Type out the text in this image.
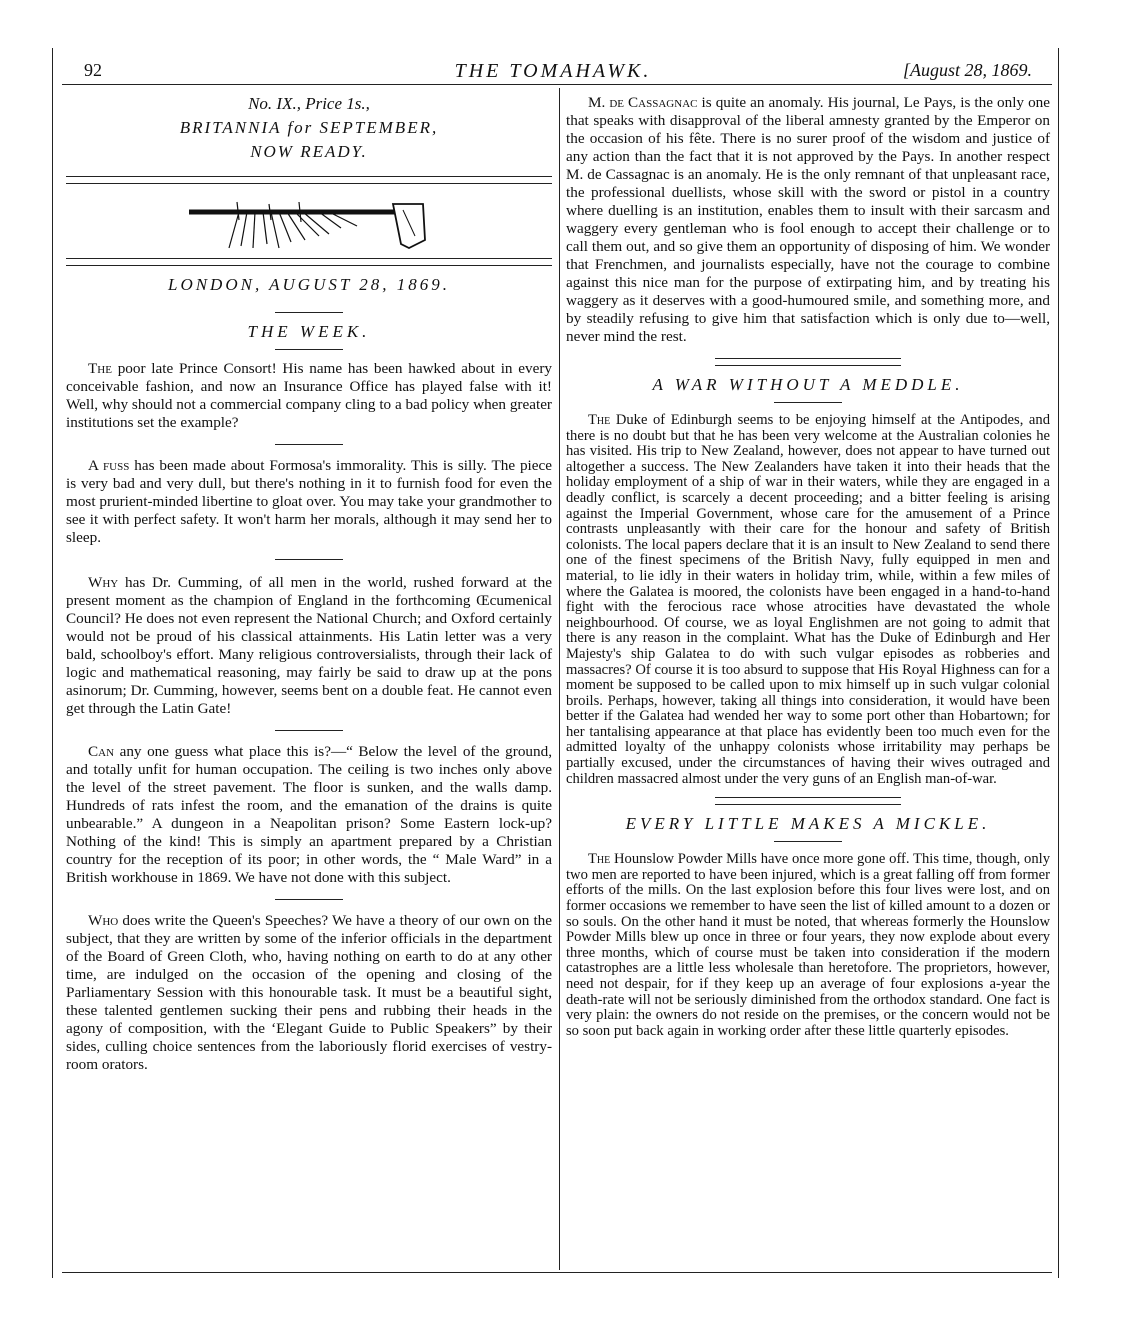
92	THE TOMAHAWK.	[August 28, 1869.
No. IX., Price 1s.,
BRITANNIA for SEPTEMBER,
NOW READY.
LONDON, AUGUST 28, 1869.
THE WEEK.

The poor late Prince Consort! His name has been hawked about in every conceivable fashion, and now an Insurance Office has played false with it! Well, why should not a commercial company cling to a bad policy when greater institutions set the example?

A fuss has been made about Formosa's immorality. This is silly. The piece is very bad and very dull, but there's nothing in it to furnish food for even the most prurient-minded libertine to gloat over. You may take your grandmother to see it with perfect safety. It won't harm her morals, although it may send her to sleep.

Why has Dr. Cumming, of all men in the world, rushed forward at the present moment as the champion of England in the forthcoming Œcumenical Council? He does not even represent the National Church; and Oxford certainly would not be proud of his classical attainments. His Latin letter was a very bald, schoolboy's effort. Many religious controversialists, through their lack of logic and mathematical reasoning, may fairly be said to draw up at the pons asinorum; Dr. Cumming, however, seems bent on a double feat. He cannot even get through the Latin Gate!

Can any one guess what place this is?—“ Below the level of the ground, and totally unfit for human occupation. The ceiling is two inches only above the level of the street pavement. The floor is sunken, and the walls damp. Hundreds of rats infest the room, and the emanation of the drains is quite unbearable.” A dungeon in a Neapolitan prison? Some Eastern lock-up? Nothing of the kind! This is simply an apartment prepared by a Christian country for the reception of its poor; in other words, the “ Male Ward” in a British workhouse in 1869. We have not done with this subject.

Who does write the Queen's Speeches? We have a theory of our own on the subject, that they are written by some of the inferior officials in the department of the Board of Green Cloth, who, having nothing on earth to do at any other time, are indulged on the occasion of the opening and closing of the Parliamentary Session with this honourable task. It must be a beautiful sight, these talented gentlemen sucking their pens and rubbing their heads in the agony of composition, with the ‘Elegant Guide to Public Speakers” by their sides, culling choice sentences from the laboriously florid exercises of vestry-room orators.

M. de Cassagnac is quite an anomaly. His journal, Le Pays, is the only one that speaks with disapproval of the liberal amnesty granted by the Emperor on the occasion of his fête. There is no surer proof of the wisdom and justice of any action than the fact that it is not approved by the Pays. In another respect M. de Cassagnac is an anomaly. He is the only remnant of that unpleasant race, the professional duellists, whose skill with the sword or pistol in a country where duelling is an institution, enables them to insult with their sarcasm and waggery every gentleman who is fool enough to accept their challenge or to call them out, and so give them an opportunity of disposing of him. We wonder that Frenchmen, and journalists especially, have not the courage to combine against this nice man for the purpose of extirpating him, and by treating his waggery as it deserves with a good-humoured smile, and something more, and by steadily refusing to give him that satisfaction which is only due to—well, never mind the rest.

A WAR WITHOUT A MEDDLE.

The Duke of Edinburgh seems to be enjoying himself at the Antipodes, and there is no doubt but that he has been very welcome at the Australian colonies he has visited. His trip to New Zealand, however, does not appear to have turned out altogether a success. The New Zealanders have taken it into their heads that the holiday employment of a ship of war in their waters, while they are engaged in a deadly conflict, is scarcely a decent proceeding; and a bitter feeling is arising against the Imperial Government, whose care for the amusement of a Prince contrasts unpleasantly with their care for the honour and safety of British colonists. The local papers declare that it is an insult to New Zealand to send there one of the finest specimens of the British Navy, fully equipped in men and material, to lie idly in their waters in holiday trim, while, within a few miles of where the Galatea is moored, the colonists have been engaged in a hand-to-hand fight with the ferocious race whose atrocities have devastated the whole neighbourhood. Of course, we as loyal Englishmen are not going to admit that there is any reason in the complaint. What has the Duke of Edinburgh and Her Majesty's ship Galatea to do with such vulgar episodes as robberies and massacres? Of course it is too absurd to suppose that His Royal Highness can for a moment be supposed to be called upon to mix himself up in such vulgar colonial broils. Perhaps, however, taking all things into consideration, it would have been better if the Galatea had wended her way to some port other than Hobartown; for her tantalising appearance at that place has evidently been too much even for the admitted loyalty of the unhappy colonists whose irritability may perhaps be partially excused, under the circumstances of having their wives outraged and children massacred almost under the very guns of an English man-of-war.

EVERY LITTLE MAKES A MICKLE.

The Hounslow Powder Mills have once more gone off. This time, though, only two men are reported to have been injured, which is a great falling off from former efforts of the mills. On the last explosion before this four lives were lost, and on former occasions we remember to have seen the list of killed amount to a dozen or so souls. On the other hand it must be noted, that whereas formerly the Hounslow Powder Mills blew up once in three or four years, they now explode about every three months, which of course must be taken into consideration if the modern catastrophes are a little less wholesale than heretofore. The proprietors, however, need not despair, for if they keep up an average of four explosions a-year the death-rate will not be seriously diminished from the orthodox standard. One fact is very plain: the owners do not reside on the premises, or the concern would not be so soon put back again in working order after these little quarterly episodes.
